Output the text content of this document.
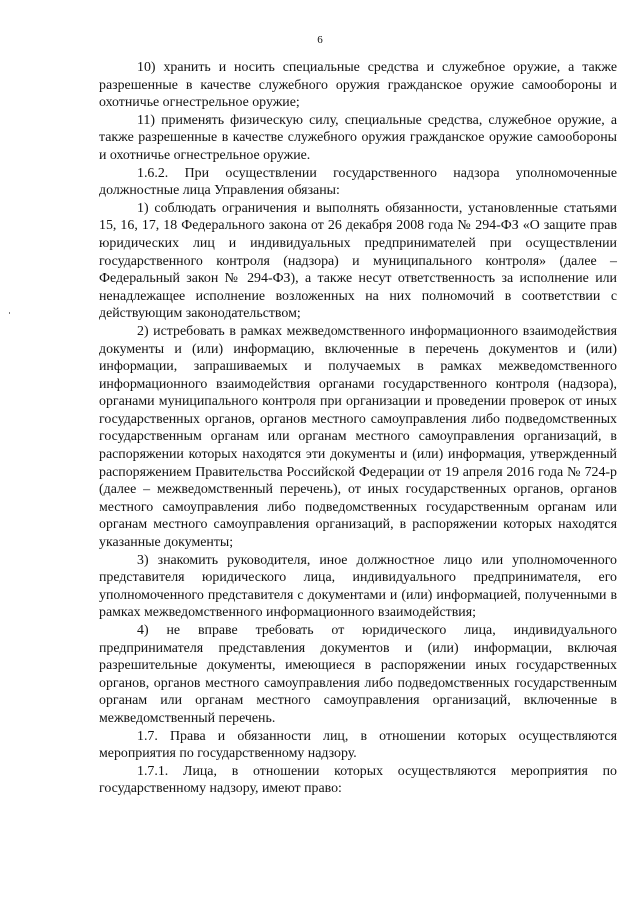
6

10) хранить и носить специальные средства и служебное оружие, а также разрешенные в качестве служебного оружия гражданское оружие самообороны и охотничье огнестрельное оружие;

11) применять физическую силу, специальные средства, служебное оружие, а также разрешенные в качестве служебного оружия гражданское оружие самообороны и охотничье огнестрельное оружие.

1.6.2. При осуществлении государственного надзора уполномоченные должностные лица Управления обязаны:

1) соблюдать ограничения и выполнять обязанности, установленные статьями 15, 16, 17, 18 Федерального закона от 26 декабря 2008 года № 294-ФЗ «О защите прав юридических лиц и индивидуальных предпринимателей при осуществлении государственного контроля (надзора) и муниципального контроля» (далее – Федеральный закон № 294-ФЗ), а также несут ответственность за исполнение или ненадлежащее исполнение возложенных на них полномочий в соответствии с действующим законодательством;

2) истребовать в рамках межведомственного информационного взаимодействия документы и (или) информацию, включенные в перечень документов и (или) информации, запрашиваемых и получаемых в рамках межведомственного информационного взаимодействия органами государственного контроля (надзора), органами муниципального контроля при организации и проведении проверок от иных государственных органов, органов местного самоуправления либо подведомственных государственным органам или органам местного самоуправления организаций, в распоряжении которых находятся эти документы и (или) информация, утвержденный распоряжением Правительства Российской Федерации от 19 апреля 2016 года № 724-р (далее – межведомственный перечень), от иных государственных органов, органов местного самоуправления либо подведомственных государственным органам или органам местного самоуправления организаций, в распоряжении которых находятся указанные документы;

3) знакомить руководителя, иное должностное лицо или уполномоченного представителя юридического лица, индивидуального предпринимателя, его уполномоченного представителя с документами и (или) информацией, полученными в рамках межведомственного информационного взаимодействия;

4) не вправе требовать от юридического лица, индивидуального предпринимателя представления документов и (или) информации, включая разрешительные документы, имеющиеся в распоряжении иных государственных органов, органов местного самоуправления либо подведомственных государственным органам или органам местного самоуправления организаций, включенные в межведомственный перечень.

1.7. Права и обязанности лиц, в отношении которых осуществляются мероприятия по государственному надзору.

1.7.1. Лица, в отношении которых осуществляются мероприятия по государственному надзору, имеют право:
